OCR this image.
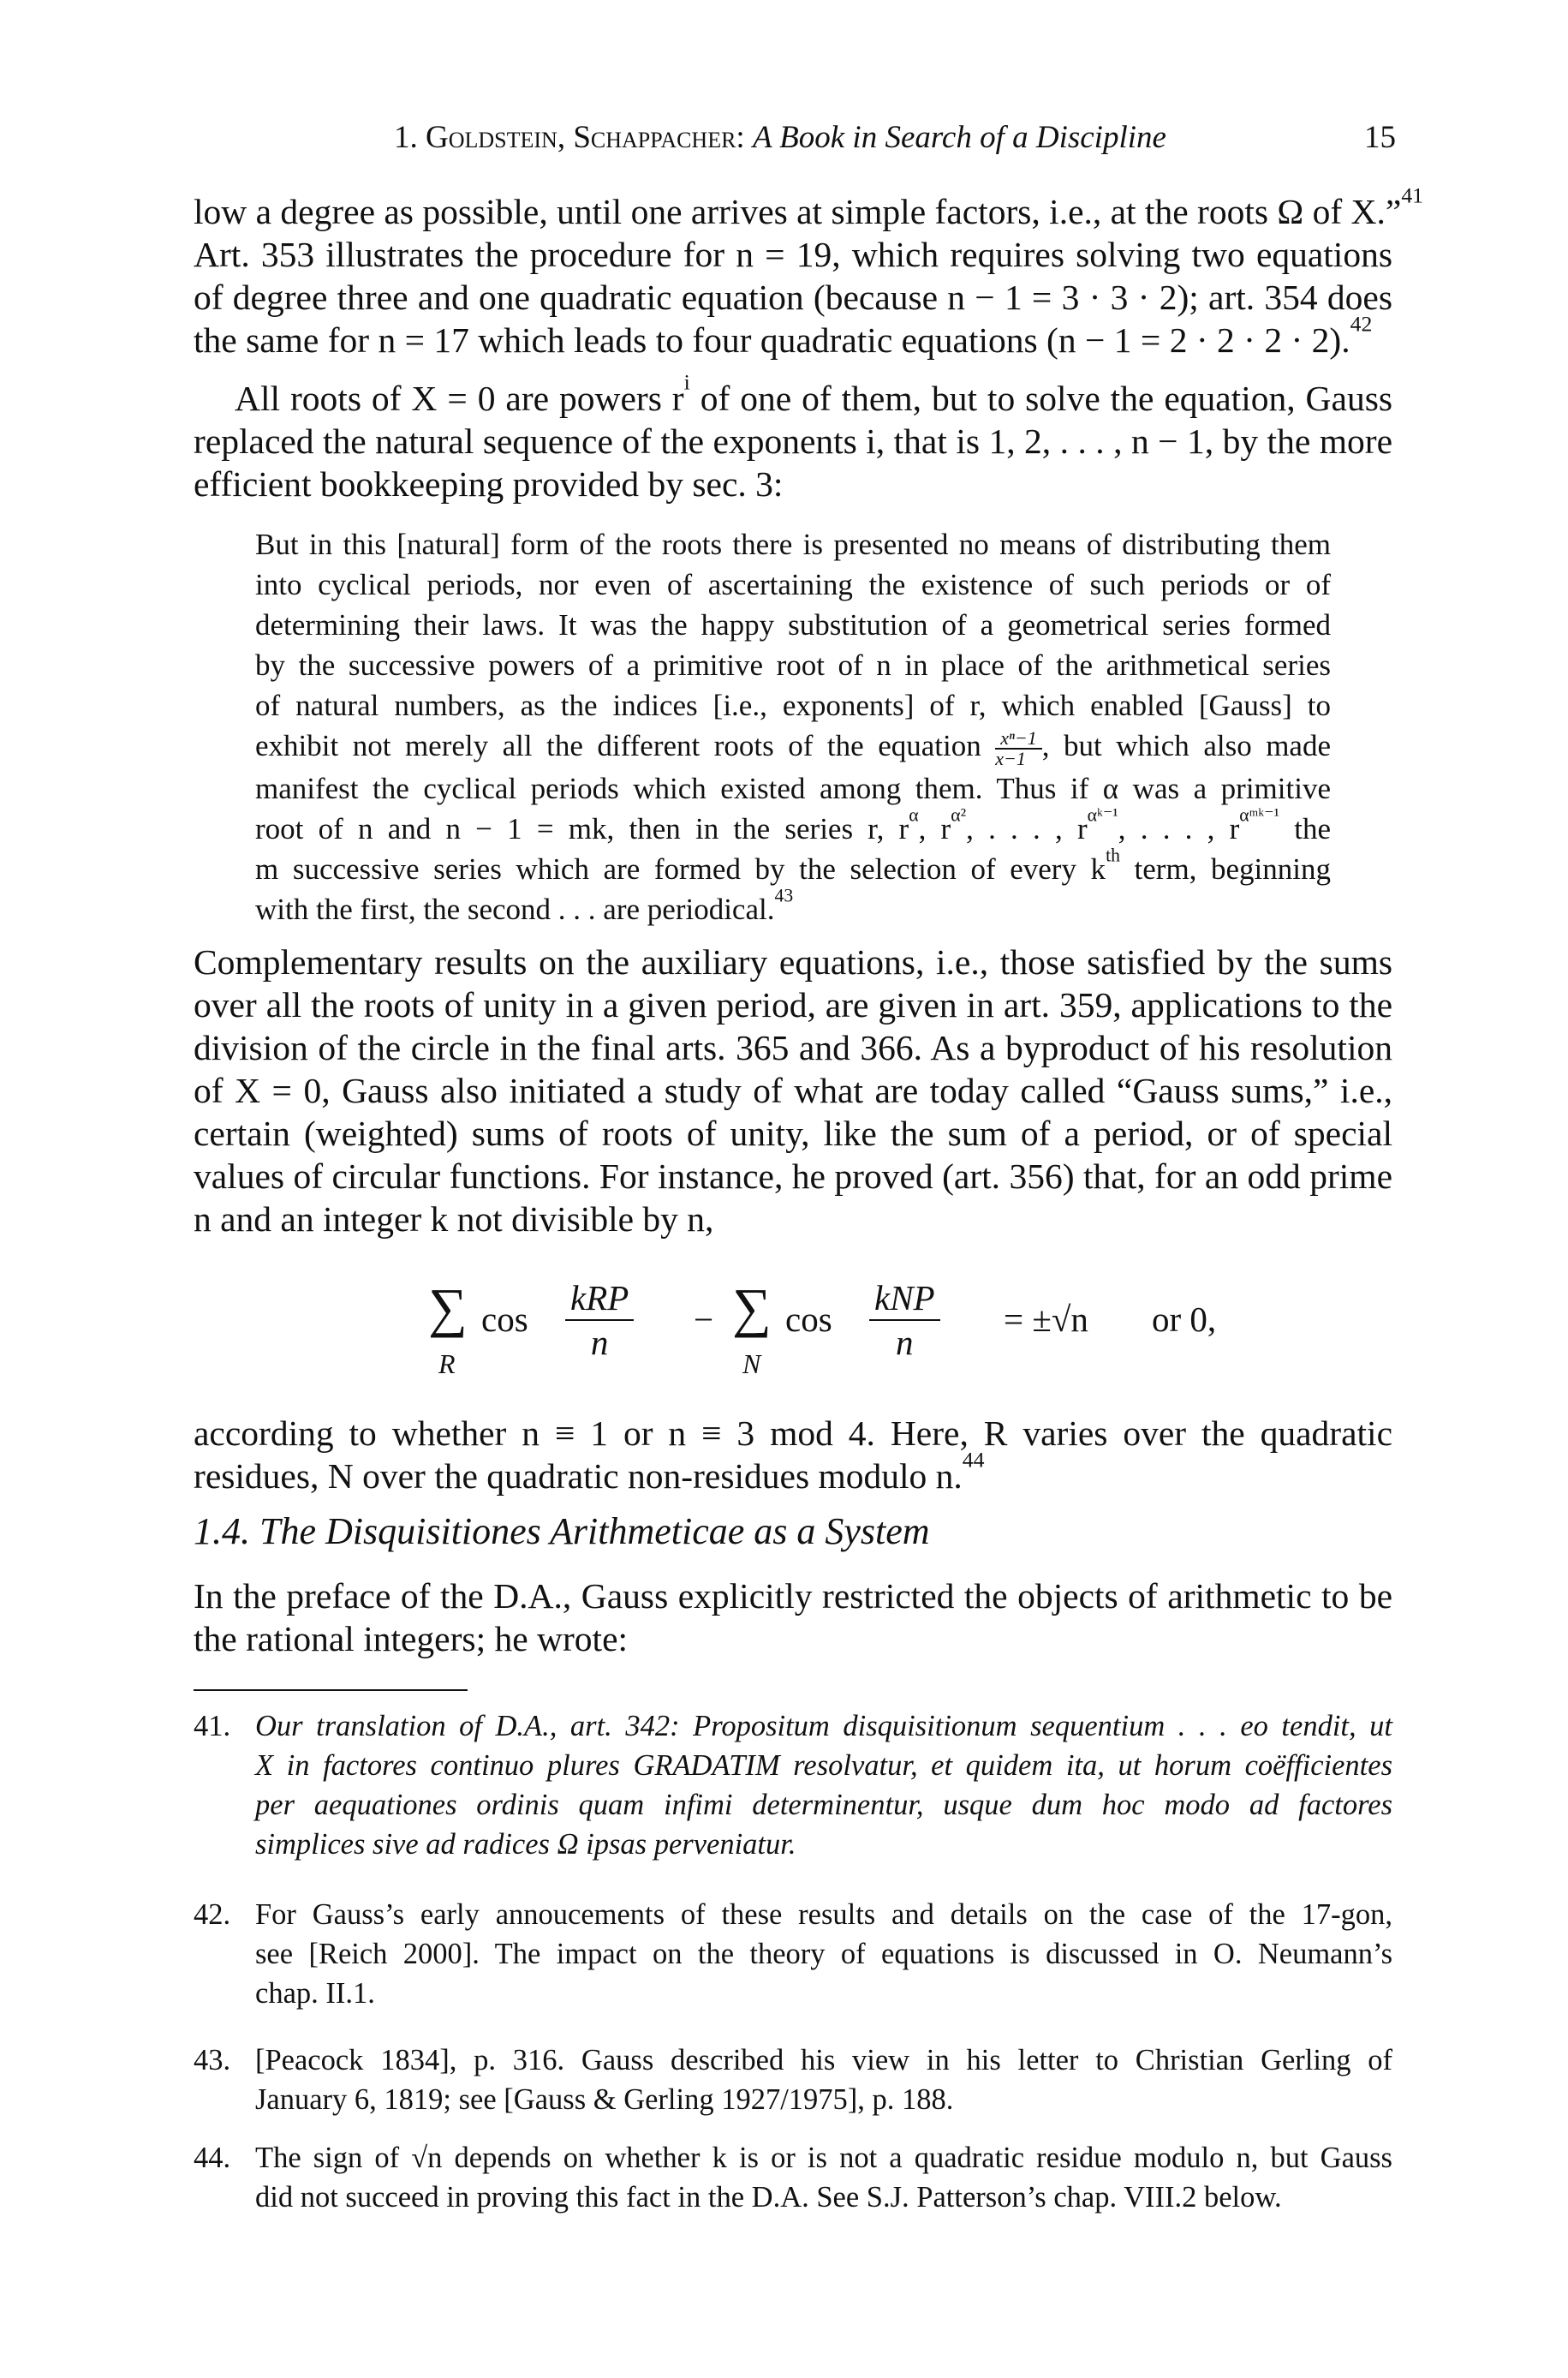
1. Goldstein, Schappacher: A Book in Search of a Discipline	15
low a degree as possible, until one arrives at simple factors, i.e., at the roots Ω of X.”$^{41}$
Art. 353 illustrates the procedure for n = 19, which requires solving two equations
of degree three and one quadratic equation (because n − 1 = 3 · 3 · 2); art. 354 does
the same for n = 17 which leads to four quadratic equations (n − 1 = 2 · 2 · 2 · 2).$^{42}$
All roots of X = 0 are powers $r^i$ of one of them, but to solve the equation, Gauss
replaced the natural sequence of the exponents i, that is 1, 2, . . . , n − 1, by the more
efficient bookkeeping provided by sec. 3:
But in this [natural] form of the roots there is presented no means of distributing them
into cyclical periods, nor even of ascertaining the existence of such periods or of
determining their laws. It was the happy substitution of a geometrical series formed
by the successive powers of a primitive root of n in place of the arithmetical series
of natural numbers, as the indices [i.e., exponents] of r, which enabled [Gauss] to
exhibit not merely all the different roots of the equation $\frac{\text{xⁿ−1}}{x-1}$ , but which also made
manifest the cyclical periods which existed among them. Thus if α was a primitive
root of n and n − 1 = mk, then in the series r, $r^\alpha$, $r^{\alpha^2}$, . . . , $r^{\alpha ᵏ^{-1}}$, . . . , $r^{\alpha ᵐᵏ^{-1}}$ the
m successive series which are formed by the selection of every $k^{th}$ term, beginning
with the first, the second . . . are periodical.$^{43}$
Complementary results on the auxiliary equations, i.e., those satisfied by the sums
over all the roots of unity in a given period, are given in art. 359, applications to the
division of the circle in the final arts. 365 and 366. As a byproduct of his resolution
of X = 0, Gauss also initiated a study of what are today called “Gauss sums,” i.e.,
certain (weighted) sums of roots of unity, like the sum of a period, or of special
values of circular functions. For instance, he proved (art. 356) that, for an odd prime
n and an integer k not divisible by n,
∑
R
cos
kRP
n
− ∑
N
cos
kNP
n
= ±√n or 0,
according to whether n ≡ 1 or n ≡ 3 mod 4. Here, R varies over the quadratic
residues, N over the quadratic non-residues modulo n.$^{44}$
1.4. The Disquisitiones Arithmeticae as a System
In the preface of the D.A., Gauss explicitly restricted the objects of arithmetic to be
the rational integers; he wrote:
41. Our translation of D.A., art. 342: Propositum disquisitionum sequentium . . . eo tendit, ut
X in factores continuo plures GRADATIM resolvatur, et quidem ita, ut horum coëfficientes
per aequationes ordinis quam infimi determinentur, usque dum hoc modo ad factores
simplices sive ad radices Ω ipsas perveniatur.
42. For Gauss’s early annoucements of these results and details on the case of the 17-gon,
see [Reich 2000]. The impact on the theory of equations is discussed in O. Neumann’s
chap. II.1.
43. [Peacock 1834], p. 316. Gauss described his view in his letter to Christian Gerling of
January 6, 1819; see [Gauss & Gerling 1927/1975], p. 188.
44. The sign of √n depends on whether k is or is not a quadratic residue modulo n, but Gauss
did not succeed in proving this fact in the D.A. See S.J. Patterson’s chap. VIII.2 below.
